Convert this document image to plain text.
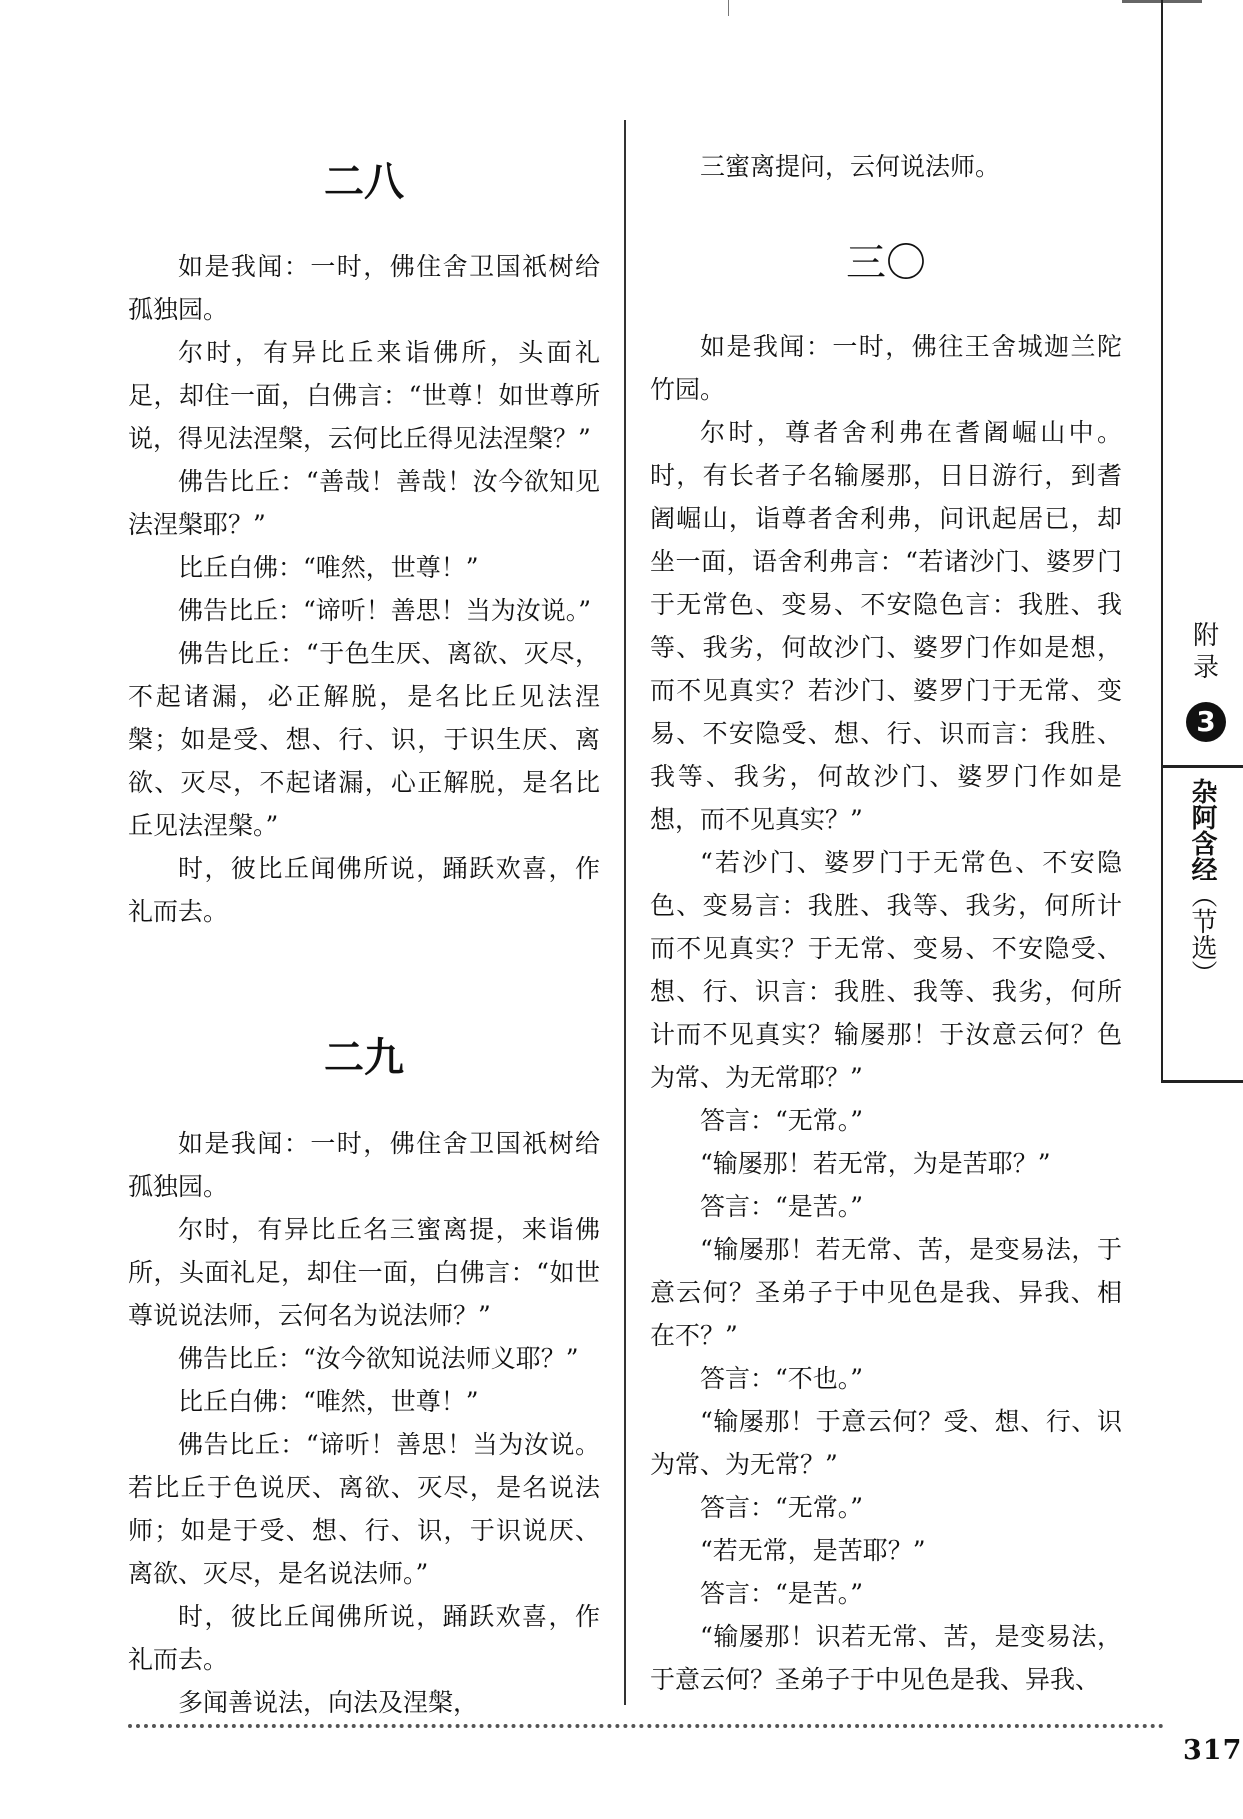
二八

如是我闻：一时，佛住舍卫国祇树给孤独园。

尔时，有异比丘来诣佛所，头面礼足，却住一面，白佛言：“世尊！如世尊所说，得见法涅槃，云何比丘得见法涅槃？”

佛告比丘：“善哉！善哉！汝今欲知见法涅槃耶？”

比丘白佛：“唯然，世尊！”

佛告比丘：“谛听！善思！当为汝说。”

佛告比丘：“于色生厌、离欲、灭尽，不起诸漏，必正解脱，是名比丘见法涅槃；如是受、想、行、识，于识生厌、离欲、灭尽，不起诸漏，心正解脱，是名比丘见法涅槃。”

时，彼比丘闻佛所说，踊跃欢喜，作礼而去。

二九

如是我闻：一时，佛住舍卫国祇树给孤独园。

尔时，有异比丘名三蜜离提，来诣佛所，头面礼足，却住一面，白佛言：“如世尊说说法师，云何名为说法师？”

佛告比丘：“汝今欲知说法师义耶？”

比丘白佛：“唯然，世尊！”

佛告比丘：“谛听！善思！当为汝说。若比丘于色说厌、离欲、灭尽，是名说法师；如是于受、想、行、识，于识说厌、离欲、灭尽，是名说法师。”

时，彼比丘闻佛所说，踊跃欢喜，作礼而去。

多闻善说法，向法及涅槃，

三蜜离提问，云何说法师。

三〇

如是我闻：一时，佛往王舍城迦兰陀竹园。

尔时，尊者舍利弗在耆阇崛山中。时，有长者子名输屡那，日日游行，到耆阇崛山，诣尊者舍利弗，问讯起居已，却坐一面，语舍利弗言：“若诸沙门、婆罗门于无常色、变易、不安隐色言：我胜、我等、我劣，何故沙门、婆罗门作如是想，而不见真实？若沙门、婆罗门于无常、变易、不安隐受、想、行、识而言：我胜、我等、我劣，何故沙门、婆罗门作如是想，而不见真实？”

“若沙门、婆罗门于无常色、不安隐色、变易言：我胜、我等、我劣，何所计而不见真实？于无常、变易、不安隐受、想、行、识言：我胜、我等、我劣，何所计而不见真实？输屡那！于汝意云何？色为常、为无常耶？”

答言：“无常。”

“输屡那！若无常，为是苦耶？”

答言：“是苦。”

“输屡那！若无常、苦，是变易法，于意云何？圣弟子于中见色是我、异我、相在不？”

答言：“不也。”

“输屡那！于意云何？受、想、行、识为常、为无常？”

答言：“无常。”

“若无常，是苦耶？”

答言：“是苦。”

“输屡那！识若无常、苦，是变易法，于意云何？圣弟子于中见色是我、异我、

附录
3
杂阿含经
（节选）
317
